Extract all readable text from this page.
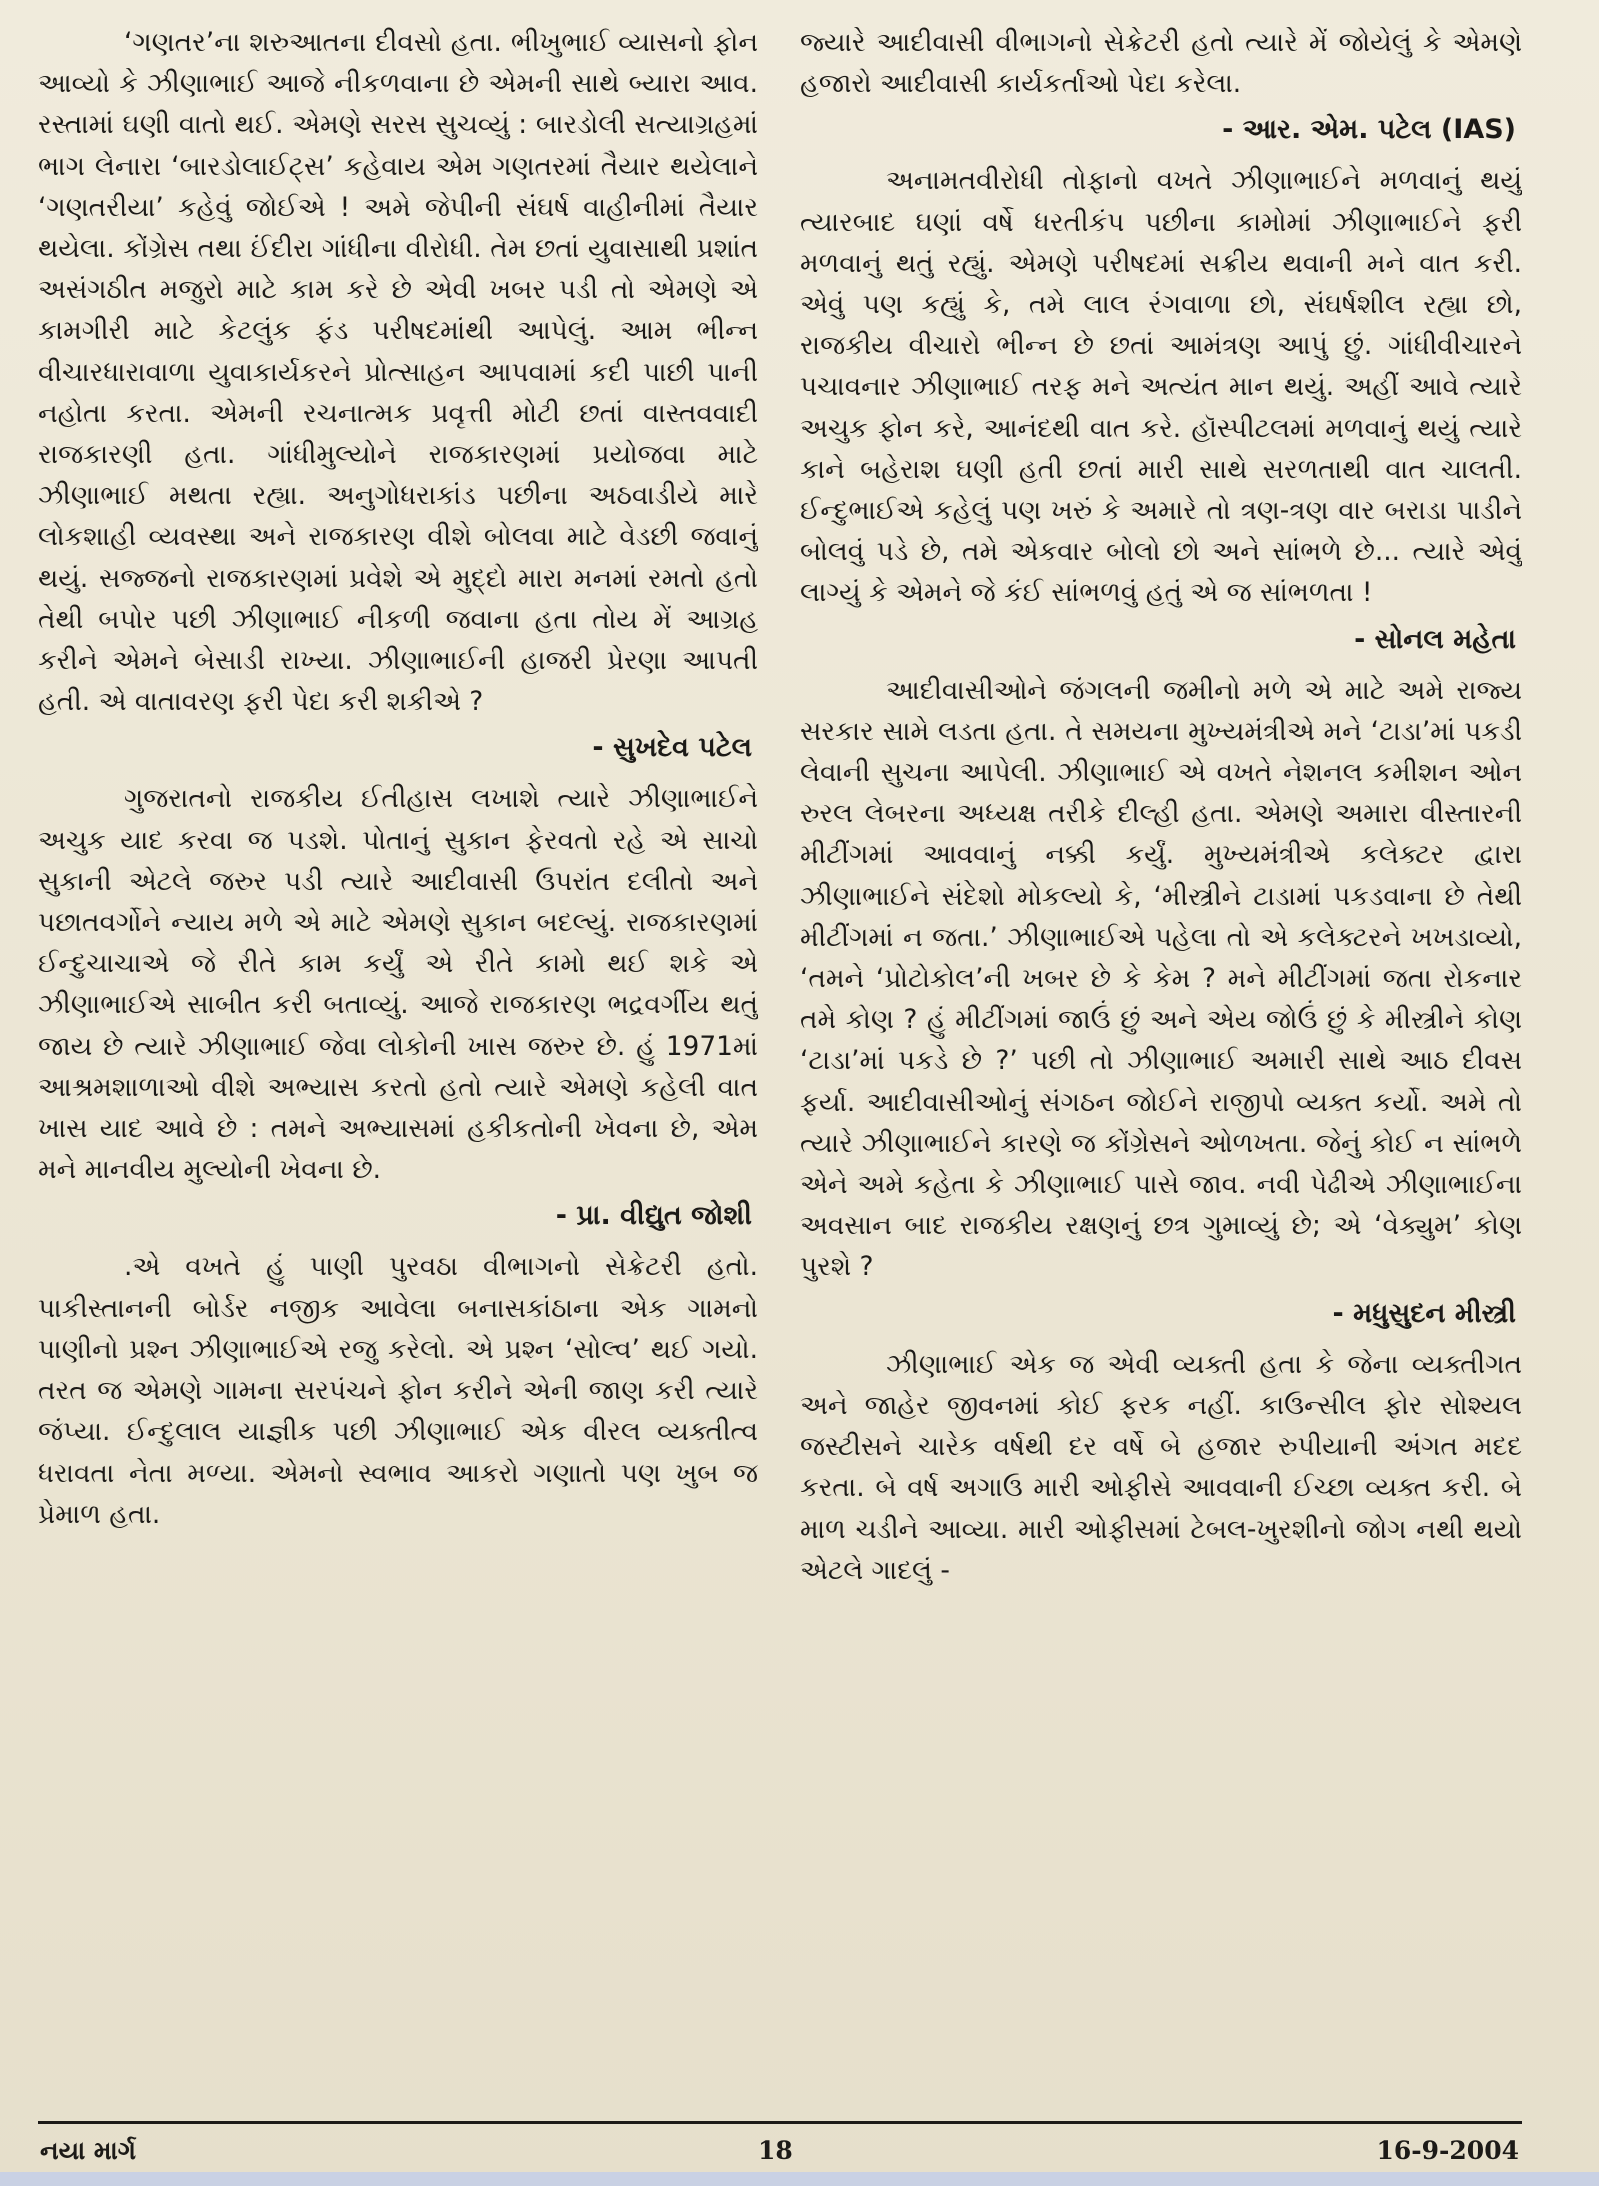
‘ગણતર’ના શરુઆતના દીવસો હતા. ભીખુભાઈ વ્યાસનો ફોન આવ્યો કે ઝીણાભાઈ આજે નીકળવાના છે એમની સાથે બ્યારા આવ. રસ્તામાં ઘણી વાતો થઈ. એમણે સરસ સુચવ્યું : બારડોલી સત્યાગ્રહમાં ભાગ લેનારા ‘બારડોલાઈટ્સ’ કહેવાય એમ ગણતરમાં તૈયાર થયેલાને ‘ગણતરીયા’ કહેવું જોઈએ ! અમે જેપીની સંઘર્ષ વાહીનીમાં તૈયાર થયેલા. કોંગ્રેસ તથા ઈંદીરા ગાંધીના વીરોધી. તેમ છતાં યુવાસાથી પ્રશાંત અસંગઠીત મજુરો માટે કામ કરે છે એવી ખબર પડી તો એમણે એ કામગીરી માટે કેટલુંક ફંડ પરીષદમાંથી આપેલું. આમ ભીન્ન વીચારધારાવાળા યુવાકાર્યકરને પ્રોત્સાહન આપવામાં કદી પાછી પાની નહોતા કરતા. એમની રચનાત્મક પ્રવૃત્તી મોટી છતાં વાસ્તવવાદી રાજકારણી હતા. ગાંધીમુલ્યોને રાજકારણમાં પ્રયોજવા માટે ઝીણાભાઈ મથતા રહ્યા. અનુગોધરાકાંડ પછીના અઠવાડીયે મારે લોકશાહી વ્યવસ્થા અને રાજકારણ વીશે બોલવા માટે વેડછી જવાનું થયું. સજ્જનો રાજકારણમાં પ્રવેશે એ મુદ્દો મારા મનમાં રમતો હતો તેથી બપોર પછી ઝીણાભાઈ નીકળી જવાના હતા તોય મેં આગ્રહ કરીને એમને બેસાડી રાખ્યા. ઝીણાભાઈની હાજરી પ્રેરણા આપતી હતી. એ વાતાવરણ ફરી પેદા કરી શકીએ ?

- સુખદેવ પટેલ

ગુજરાતનો રાજકીય ઈતીહાસ લખાશે ત્યારે ઝીણાભાઈને અચુક યાદ કરવા જ પડશે. પોતાનું સુકાન ફેરવતો રહે એ સાચો સુકાની એટલે જરુર પડી ત્યારે આદીવાસી ઉપરાંત દલીતો અને પછાતવર્ગોને ન્યાય મળે એ માટે એમણે સુકાન બદલ્યું. રાજકારણમાં ઈન્દુચાચાએ જે રીતે કામ કર્યું એ રીતે કામો થઈ શકે એ ઝીણાભાઈએ સાબીત કરી બતાવ્યું. આજે રાજકારણ ભદ્રવર્ગીય થતું જાય છે ત્યારે ઝીણાભાઈ જેવા લોકોની ખાસ જરુર છે. હું 1971માં આશ્રમશાળાઓ વીશે અભ્યાસ કરતો હતો ત્યારે એમણે કહેલી વાત ખાસ યાદ આવે છે : તમને અભ્યાસમાં હકીકતોની ખેવના છે, એમ મને માનવીય મુલ્યોની ખેવના છે.

- પ્રા. વીદ્યુત જોશી

.એ વખતે હું પાણી પુરવઠા વીભાગનો સેક્રેટરી હતો. પાકીસ્તાનની બોર્ડર નજીક આવેલા બનાસકાંઠાના એક ગામનો પાણીનો પ્રશ્ન ઝીણાભાઈએ રજુ કરેલો. એ પ્રશ્ન ‘સોલ્વ’ થઈ ગયો. તરત જ એમણે ગામના સરપંચને ફોન કરીને એની જાણ કરી ત્યારે જંપ્યા. ઈન્દુલાલ યાજ્ઞીક પછી ઝીણાભાઈ એક વીરલ વ્યક્તીત્વ ધરાવતા નેતા મળ્યા. એમનો સ્વભાવ આકરો ગણાતો પણ ખુબ જ પ્રેમાળ હતા.

જ્યારે આદીવાસી વીભાગનો સેક્રેટરી હતો ત્યારે મેં જોયેલું કે એમણે હજારો આદીવાસી કાર્યકર્તાઓ પેદા કરેલા.

- આર. એમ. પટેલ (IAS)

અનામતવીરોધી તોફાનો વખતે ઝીણાભાઈને મળવાનું થયું ત્યારબાદ ઘણાં વર્ષે ધરતીકંપ પછીના કામોમાં ઝીણાભાઈને ફરી મળવાનું થતું રહ્યું. એમણે પરીષદમાં સક્રીય થવાની મને વાત કરી. એવું પણ કહ્યું કે, તમે લાલ રંગવાળા છો, સંઘર્ષશીલ રહ્યા છો, રાજકીય વીચારો ભીન્ન છે છતાં આમંત્રણ આપું છું. ગાંધીવીચારને પચાવનાર ઝીણાભાઈ તરફ મને અત્યંત માન થયું. અહીં આવે ત્યારે અચુક ફોન કરે, આનંદથી વાત કરે. હૉસ્પીટલમાં મળવાનું થયું ત્યારે કાને બહેરાશ ઘણી હતી છતાં મારી સાથે સરળતાથી વાત ચાલતી. ઈન્દુભાઈએ કહેલું પણ ખરું કે અમારે તો ત્રણ-ત્રણ વાર બરાડા પાડીને બોલવું પડે છે, તમે એકવાર બોલો છો અને સાંભળે છે... ત્યારે એવું લાગ્યું કે એમને જે કંઈ સાંભળવું હતું એ જ સાંભળતા !

- સોનલ મહેતા

આદીવાસીઓને જંગલની જમીનો મળે એ માટે અમે રાજ્ય સરકાર સામે લડતા હતા. તે સમયના મુખ્યમંત્રીએ મને ‘ટાડા’માં પકડી લેવાની સુચના આપેલી. ઝીણાભાઈ એ વખતે નેશનલ કમીશન ઓન રુરલ લેબરના અધ્યક્ષ તરીકે દીલ્હી હતા. એમણે અમારા વીસ્તારની મીટીંગમાં આવવાનું નક્કી કર્યું. મુખ્યમંત્રીએ કલેક્ટર દ્વારા ઝીણાભાઈને સંદેશો મોકલ્યો કે, ‘મીસ્ત્રીને ટાડામાં પકડવાના છે તેથી મીટીંગમાં ન જતા.’ ઝીણાભાઈએ પહેલા તો એ કલેક્ટરને ખખડાવ્યો, ‘તમને ‘પ્રોટોકોલ’ની ખબર છે કે કેમ ? મને મીટીંગમાં જતા રોકનાર તમે કોણ ? હું મીટીંગમાં જાઉં છું અને એય જોઉં છું કે મીસ્ત્રીને કોણ ‘ટાડા’માં પકડે છે ?’ પછી તો ઝીણાભાઈ અમારી સાથે આઠ દીવસ ફર્યા. આદીવાસીઓનું સંગઠન જોઈને રાજીપો વ્યક્ત કર્યો. અમે તો ત્યારે ઝીણાભાઈને કારણે જ કોંગ્રેસને ઓળખતા. જેનું કોઈ ન સાંભળે એને અમે કહેતા કે ઝીણાભાઈ પાસે જાવ. નવી પેઢીએ ઝીણાભાઈના અવસાન બાદ રાજકીય રક્ષણનું છત્ર ગુમાવ્યું છે; એ ‘વેક્યુમ’ કોણ પુરશે ?

- મધુસુદન મીસ્ત્રી

ઝીણાભાઈ એક જ એવી વ્યક્તી હતા કે જેના વ્યક્તીગત અને જાહેર જીવનમાં કોઈ ફરક નહીં. કાઉન્સીલ ફોર સોશ્યલ જસ્ટીસને ચારેક વર્ષથી દર વર્ષે બે હજાર રુપીયાની અંગત મદદ કરતા. બે વર્ષ અગાઉ મારી ઓફીસે આવવાની ઈચ્છા વ્યક્ત કરી. બે માળ ચડીને આવ્યા. મારી ઓફીસમાં ટેબલ-ખુરશીનો જોગ નથી થયો એટલે ગાદલું -

નયા માર્ગ	18	16-9-2004
